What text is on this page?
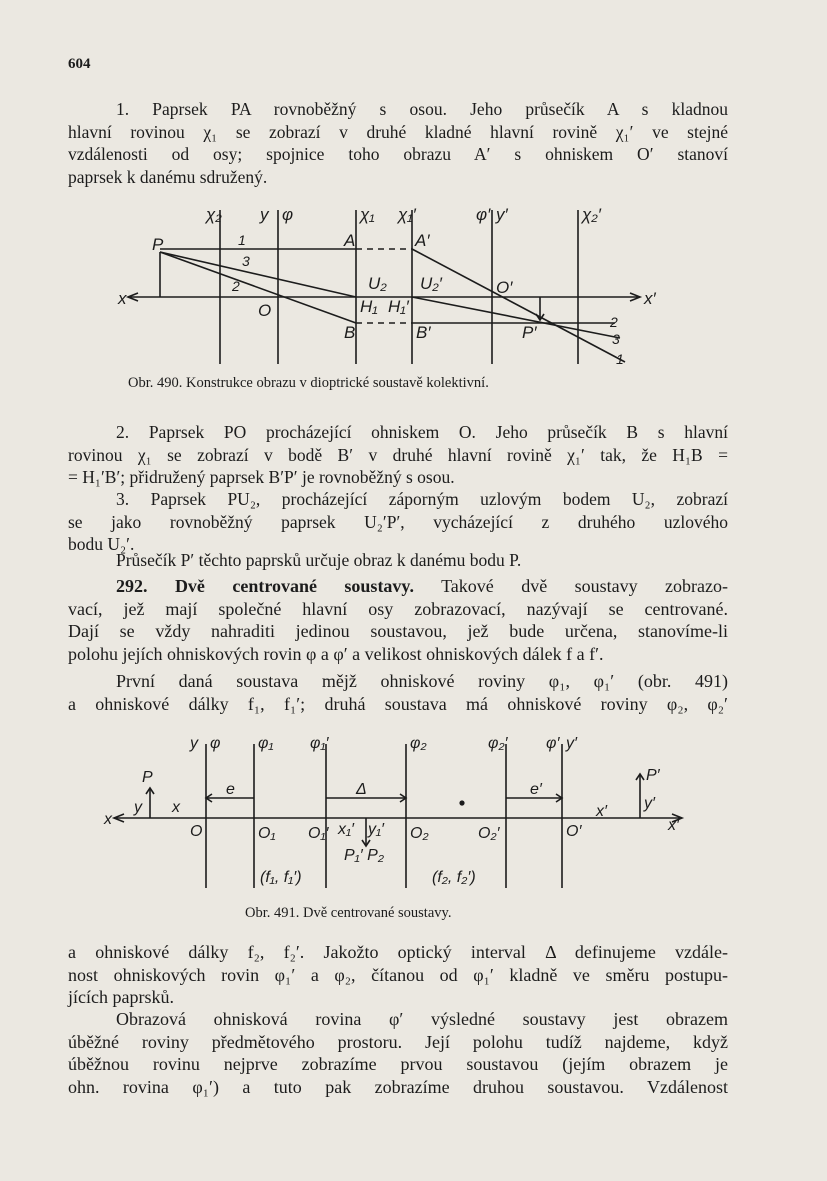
604
1. Paprsek PA rovnoběžný s osou. Jeho průsečík A s kladnou
hlavní rovinou χ₁ se zobrazí v druhé kladné hlavní rovině χ₁′ ve stejné
vzdálenosti od osy; spojnice toho obrazu A′ s ohniskem O′ stanoví
paprsek k danému sdružený.
χ₂ y φ	χ₁ χ₁′	φ′ y′	χ₂′
P	A	A′
U₂ U₂′	O′
O	H₁ H₁′
B	B′	P′
x	x′
1
3
2
2
3
1
Obr. 490. Konstrukce obrazu v dioptrické soustavě kolektivní.
2. Paprsek PO procházející ohniskem O. Jeho průsečík B s hlavní
rovinou χ₁ se zobrazí v bodě B′ v druhé hlavní rovině χ₁′ tak, že H₁B =
= H₁′B′; přidružený paprsek B′P′ je rovnoběžný s osou.
3. Paprsek PU₂, procházející záporným uzlovým bodem U₂, zobrazí
se jako rovnoběžný paprsek U₂′P′, vycházející z druhého uzlového
bodu U₂′.
Průsečík P′ těchto paprsků určuje obraz k danému bodu P.
292. Dvě centrované soustavy. Takové dvě soustavy zobrazo-
vací, jež mají společné hlavní osy zobrazovací, nazývají se centrované.
Dají se vždy nahraditi jedinou soustavou, jež bude určena, stanovíme-li
polohu jejích ohniskových rovin φ a φ′ a velikost ohniskových dálek f a f′.
První daná soustava mějž ohniskové roviny φ₁, φ₁′ (obr. 491)
a ohniskové dálky f₁, f₁′; druhá soustava má ohniskové roviny φ₂, φ₂′
y φ φ₁ φ₁′	φ₂	φ₂′ φ′ y′
P
y x
x
e	Δ	e′
x′
x′
P′
y′
O	O₁ O₁′ x₁′ y₁′ O₂	O₂′	O′
P₁′ P₂
(f₁, f₁′)	(f₂, f₂′)
Obr. 491. Dvě centrované soustavy.
a ohniskové dálky f₂, f₂′. Jakožto optický interval Δ definujeme vzdále-
nost ohniskových rovin φ₁′ a φ₂, čítanou od φ₁′ kladně ve směru postupu-
jících paprsků.
Obrazová ohnisková rovina φ′ výsledné soustavy jest obrazem
úběžné roviny předmětového prostoru. Její polohu tudíž najdeme, když
úběžnou rovinu nejprve zobrazíme prvou soustavou (jejím obrazem je
ohn. rovina φ₁′) a tuto pak zobrazíme druhou soustavou. Vzdálenost
